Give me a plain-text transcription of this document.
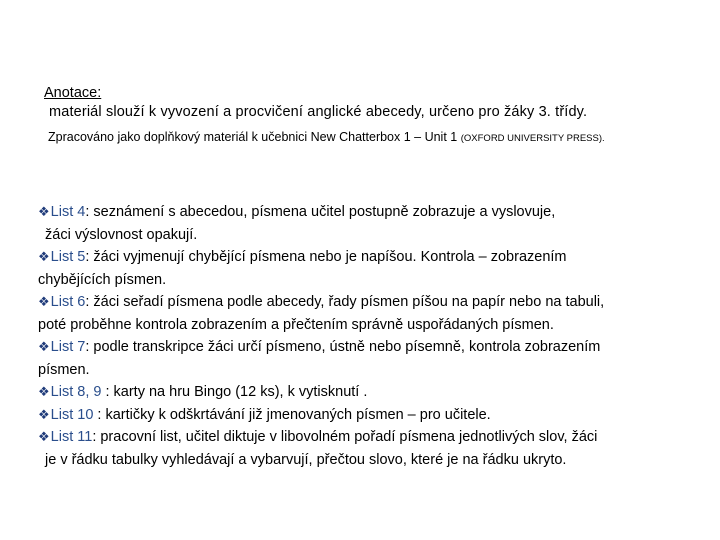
Anotace:
materiál slouží k vyvození a procvičení anglické abecedy, určeno pro žáky 3. třídy.
Zpracováno jako doplňkový materiál k učebnici New Chatterbox 1 – Unit 1 (OXFORD UNIVERSITY PRESS).

❖List 4: seznámení s abecedou, písmena učitel postupně zobrazuje a vyslovuje,

žáci výslovnost opakují.

❖List 5: žáci vyjmenují chybějící písmena nebo je napíšou. Kontrola – zobrazením

chybějících písmen.

❖List 6: žáci seřadí písmena podle abecedy, řady písmen píšou na papír nebo na tabuli,

poté proběhne kontrola zobrazením a přečtením správně uspořádaných písmen.

❖List 7: podle transkripce žáci určí písmeno, ústně nebo písemně, kontrola zobrazením

písmen.

❖List 8, 9 : karty na hru Bingo (12 ks), k vytisknutí .

❖List 10 : kartičky k odškrtávání již jmenovaných písmen – pro učitele.

❖List 11: pracovní list, učitel diktuje v libovolném pořadí písmena jednotlivých slov, žáci

je v řádku tabulky vyhledávají a vybarvují, přečtou slovo, které je na řádku ukryto.
